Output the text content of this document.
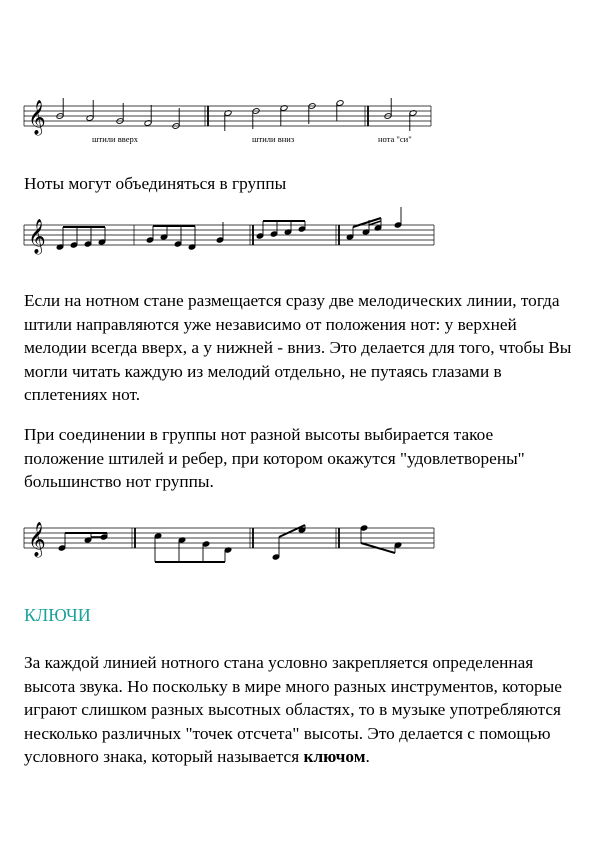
𝄞
штили вверх	штили вниз	нота "си"

Ноты могут объединяться в группы

𝄞

Если на нотном стане размещается сразу две мелодических линии, тогда штили направляются уже независимо от положения нот: у верхней мелодии всегда вверх, а у нижней - вниз. Это делается для того, чтобы Вы могли читать каждую из мелодий отдельно, не путаясь глазами в сплетениях нот.

При соединении в группы нот разной высоты выбирается такое положение штилей и ребер, при котором окажутся "удовлетворены" большинство нот группы.

𝄞
КЛЮЧИ

За каждой линией нотного стана условно закрепляется определенная высота звука. Но поскольку в мире много разных инструментов, которые играют слишком разных высотных областях, то в музыке употребляются несколько различных "точек отсчета" высоты. Это делается с помощью условного знака, который называется ключом.
